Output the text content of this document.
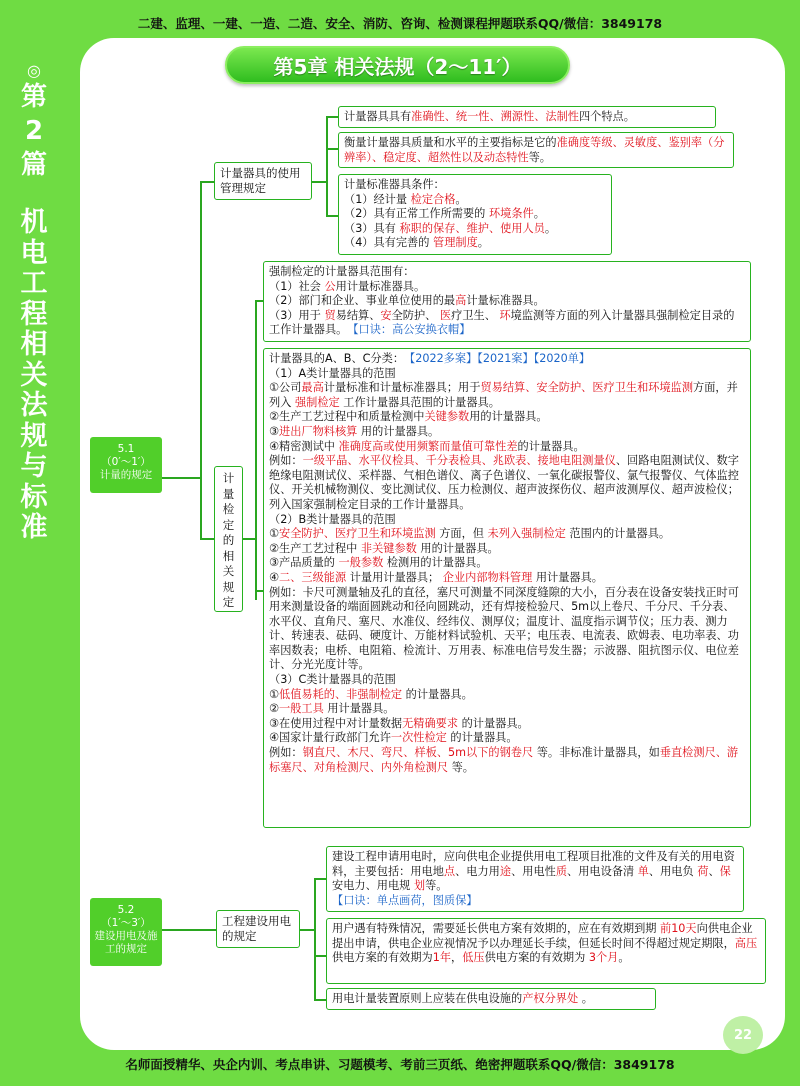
二建、监理、一建、一造、二造、安全、消防、咨询、检测课程押题联系QQ/微信：3849178
◎
第
2
篇
机
电
工
程
相
关
法
规
与
标
准
第5章 相关法规（2～11′）
5.1
（0′～1′）
计量的规定
5.2
（1′～3′）
建设用电及施
工的规定
计量器具的使用管理规定
计
量
检
定
的
相
关
规
定
工程建设用电的规定
计量器具具有准确性、统一性、溯源性、法制性四个特点。
衡量计量器具质量和水平的主要指标是它的准确度等级、灵敏度、鉴别率（分辨率）、稳定度、超然性以及动态特性等。
计量标准器具条件：
（1）经计量 检定合格。
（2）具有正常工作所需要的 环境条件。
（3）具有 称职的保存、维护、使用人员。
（4）具有完善的 管理制度。
强制检定的计量器具范围有：
（1）社会 公用计量标准器具。
（2）部门和企业、事业单位使用的最高计量标准器具。
（3）用于 贸易结算、安全防护、 医疗卫生、 环境监测等方面的列入计量器具强制检定目录的工作计量器具。　 【口诀：高公安换衣帽】
计量器具的A、B、C分类：　 【2022多案】【2021案】【2020单】
（1）A类计量器具的范围
①公司最高计量标准和计量标准器具；用于贸易结算、安全防护、医疗卫生和环境监测方面，并列入 强制检定 工作计量器具范围的计量器具。
②生产工艺过程中和质量检测中关键参数用的计量器具。
③进出厂物料核算 用的计量器具。
④精密测试中 准确度高或使用频繁而量值可靠性差的计量器具。
例如：一级平晶、水平仪检具、千分表检具、兆欧表、接地电阻测量仪、回路电阻测试仪、数字绝缘电阻测试仪、采样器、气相色谱仪、离子色谱仪、一氧化碳报警仪、氯气报警仪、气体监控仪、开关机械物测仪、变比测试仪、压力检测仪、超声波探伤仪、超声波测厚仪、超声波检仪；列入国家强制检定目录的工作计量器具。
（2）B类计量器具的范围
①安全防护、医疗卫生和环境监测 方面，但 未列入强制检定 范围内的计量器具。
②生产工艺过程中 非关键参数 用的计量器具。
③产品质量的 一般参数 检测用的计量器具。
④二、三级能源 计量用计量器具； 企业内部物料管理 用计量器具。
例如：卡尺可测量轴及孔的直径，塞尺可测量不同深度缝隙的大小，百分表在设备安装找正时可用来测量设备的端面圆跳动和径向圆跳动，还有焊接检验尺、5m以上卷尺、千分尺、千分表、水平仪、直角尺、塞尺、水准仪、经纬仪、测厚仪；温度计、温度指示调节仪；压力表、测力计、转速表、砝码、硬度计、万能材料试验机、天平；电压表、电流表、欧姆表、电功率表、功率因数表；电桥、电阻箱、检流计、万用表、标准电信号发生器；示波器、阻抗图示仪、电位差计、分光光度计等。
（3）C类计量器具的范围
①低值易耗的、非强制检定 的计量器具。
②一般工具 用计量器具。
③在使用过程中对计量数据无精确要求 的计量器具。
④国家计量行政部门允许一次性检定 的计量器具。
例如：钢直尺、木尺、弯尺、样板、5m以下的钢卷尺 等。非标准计量器具，如垂直检测尺、游标塞尺、对角检测尺、内外角检测尺 等。
建设工程申请用电时，应向供电企业提供用电工程项目批准的文件及有关的用电资料，主要包括：用电地点、电力用途、用电性质、用电设备清 单、用电负 荷、保安电力、用电规 划等。
【口诀：单点画荷，图质保】
用户遇有特殊情况，需要延长供电方案有效期的，应在有效期到期 前10天向供电企业提出申请，供电企业应视情况予以办理延长手续，但延长时间不得超过规定期限，高压供电方案的有效期为1年，低压供电方案的有效期为 3个月。
用电计量装置原则上应装在供电设施的产权分界处 。
22
名师面授精华、央企内训、考点串讲、习题模考、考前三页纸、绝密押题联系QQ/微信：3849178
